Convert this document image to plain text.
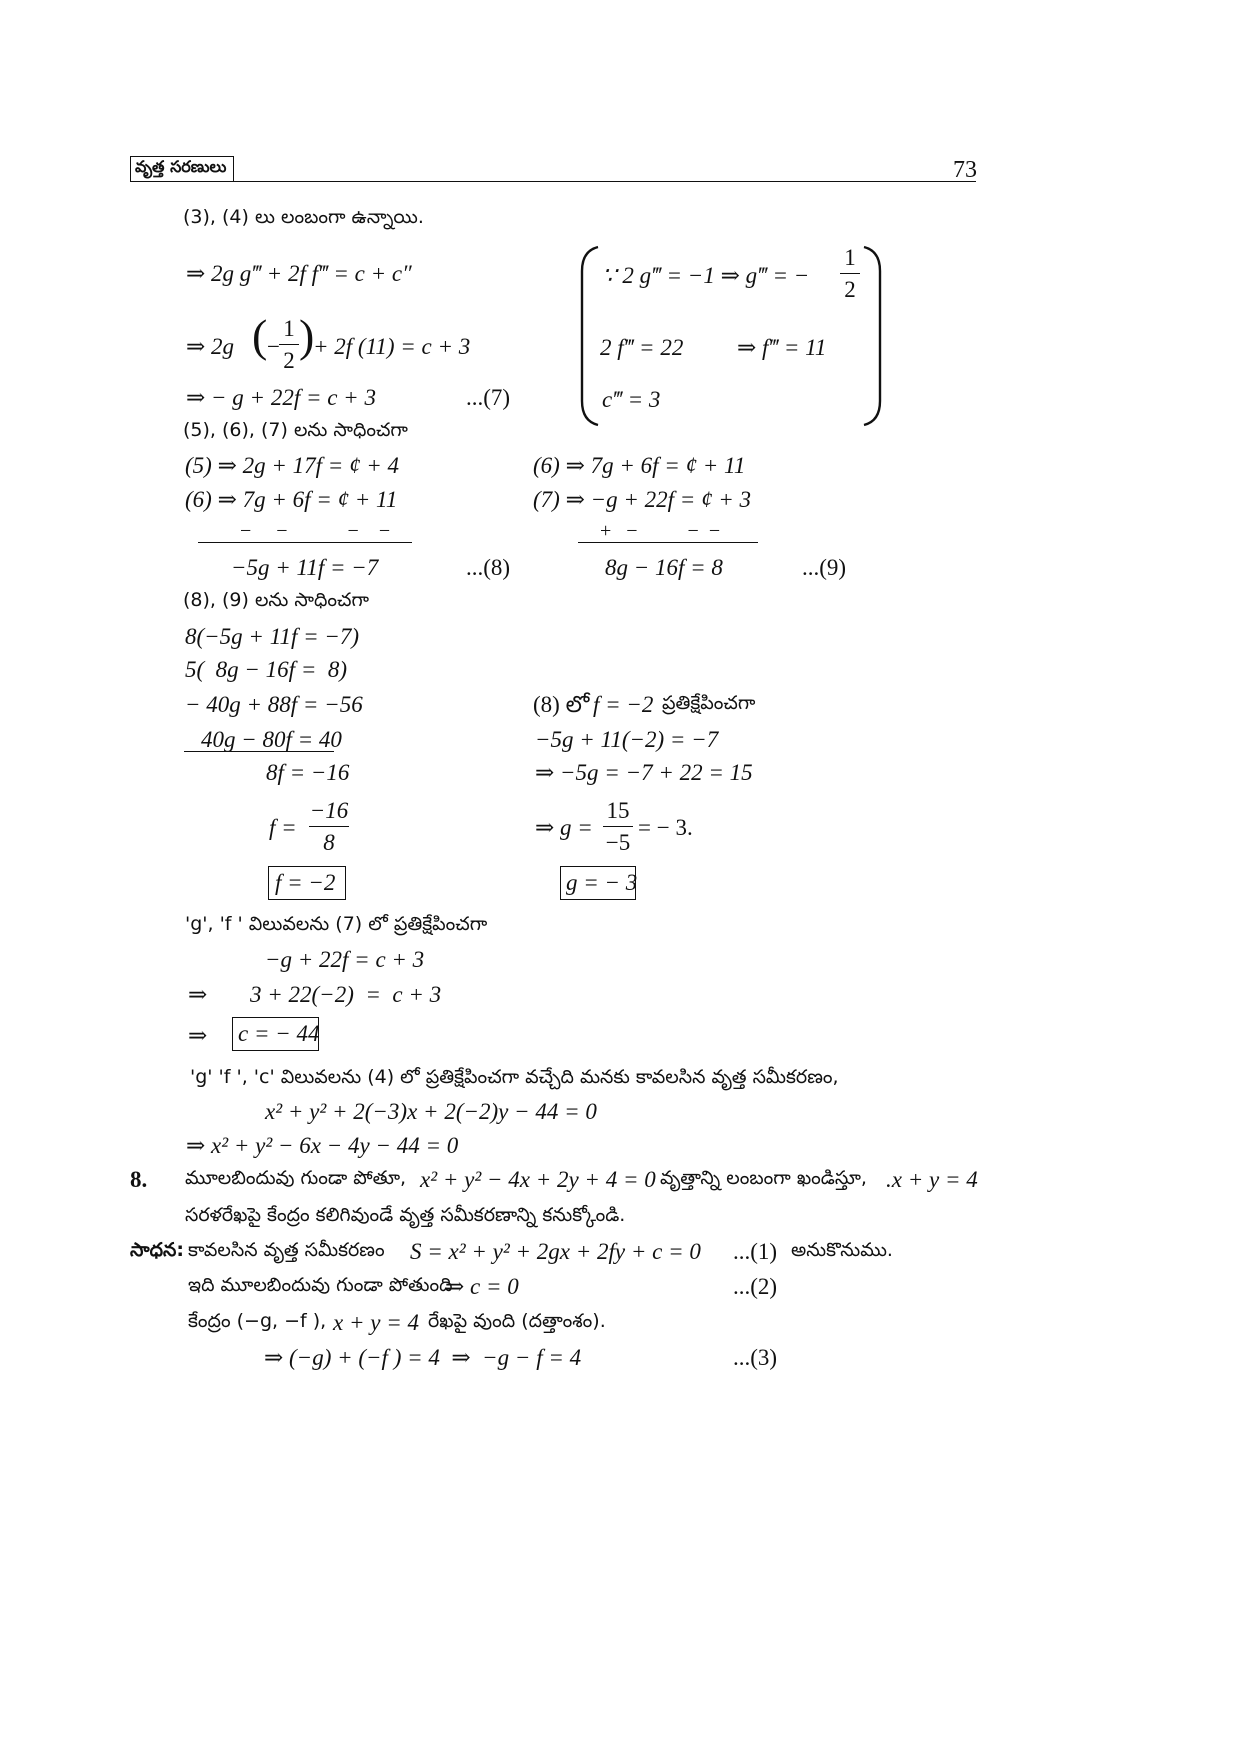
వృత్త సరణులు	73
(3), (4) లు లంబంగా ఉన్నాయి.
⇒ 2g g‴ + 2f f‴ = c + c″
⇒ 2g ( −
1
2 )
+ 2f (11) = c + 3
⇒ − g + 22f = c + 3	...(7)
∵ 2 g‴ = −1 ⇒ g‴ = −
1
2
2 f‴ = 22 ⇒ f‴ = 11
c‴ = 3
(5), (6), (7) లను సాధించగా
(5) ⇒ 2g + 17f = ¢ + 4
(6) ⇒ 7g + 6f = ¢ + 11
−     −            −    −
−5g + 11f = −7	...(8)
(6) ⇒ 7g + 6f = ¢ + 11
(7) ⇒ −g + 22f = ¢ + 3
+   −          −  −
8g − 16f = 8	...(9)
(8), (9) లను సాధించగా
8(−5g + 11f = −7)
5(  8g − 16f =  8)
− 40g + 88f = −56
40g − 80f = 40
8f = −16
f =
−16
8
f = −2
(8) లో f = −2 ప్రతిక్షేపించగా
−5g + 11(−2) = −7
⇒ −5g = −7 + 22 = 15
⇒ g =
15
−5
= − 3.
g = − 3
'g', 'f ' విలువలను (7) లో ప్రతిక్షేపించగా
−g + 22f = c + 3
⇒ 3 + 22(−2)  =  c + 3
⇒ c = − 44
'g' 'f ', 'c' విలువలను (4) లో ప్రతిక్షేపించగా వచ్చేది మనకు కావలసిన వృత్త సమీకరణం,
x² + y² + 2(−3)x + 2(−2)y − 44 = 0
⇒ x² + y² − 6x − 4y − 44 = 0
8. మూలబిందువు గుండా పోతూ, x² + y² − 4x + 2y + 4 = 0 వృత్తాన్ని లంబంగా ఖండిస్తూ, .x + y = 4
సరళరేఖపై కేంద్రం కలిగివుండే వృత్త సమీకరణాన్ని కనుక్కోండి.
సాధన: కావలసిన వృత్త సమీకరణం S = x² + y² + 2gx + 2fy + c = 0 ...(1) అనుకొనుము.
ఇది మూలబిందువు గుండా పోతుంది
⇒ c = 0	...(2)
కేంద్రం (−g, −f ), x + y = 4 రేఖపై వుంది (దత్తాంశం).
⇒ (−g) + (−f ) = 4  ⇒  −g − f = 4	...(3)
